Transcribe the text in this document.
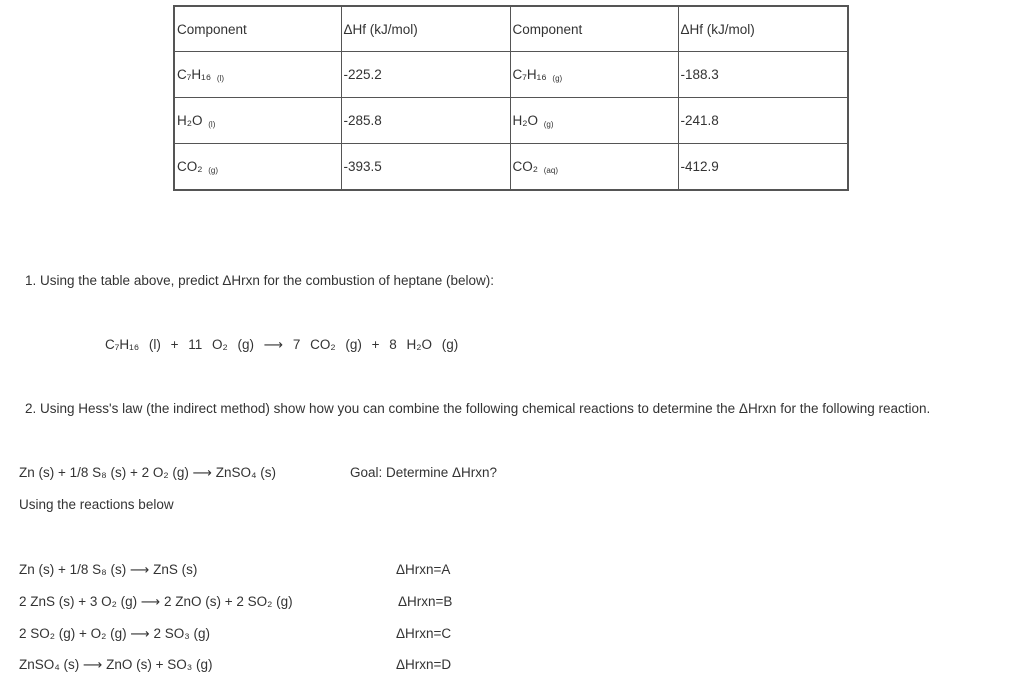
Component	ΔHf (kJ/mol)	Component	ΔHf (kJ/mol)
C₇H₁₆ (l)	-225.2	C₇H₁₆ (g)	-188.3
H₂O (l)	-285.8	H₂O (g)	-241.8
CO₂ (g)	-393.5	CO₂ (aq)	-412.9
1. Using the table above, predict ΔHrxn for the combustion of heptane (below):
C₇H₁₆ (l) + 11 O₂ (g) ⟶ 7 CO₂ (g) + 8 H₂O (g)
2. Using Hess's law (the indirect method) show how you can combine the following chemical reactions to determine the ΔHrxn for the following reaction.
Zn (s) + 1/8 S₈ (s) + 2 O₂ (g) ⟶ ZnSO₄ (s)	Goal: Determine ΔHrxn?
Using the reactions below
Zn (s) + 1/8 S₈ (s) ⟶ ZnS (s)	ΔHrxn=A
2 ZnS (s) + 3 O₂ (g) ⟶ 2 ZnO (s) + 2 SO₂ (g)	ΔHrxn=B
2 SO₂ (g) + O₂ (g) ⟶ 2 SO₃ (g)	ΔHrxn=C
ZnSO₄ (s) ⟶ ZnO (s) + SO₃ (g)	ΔHrxn=D
